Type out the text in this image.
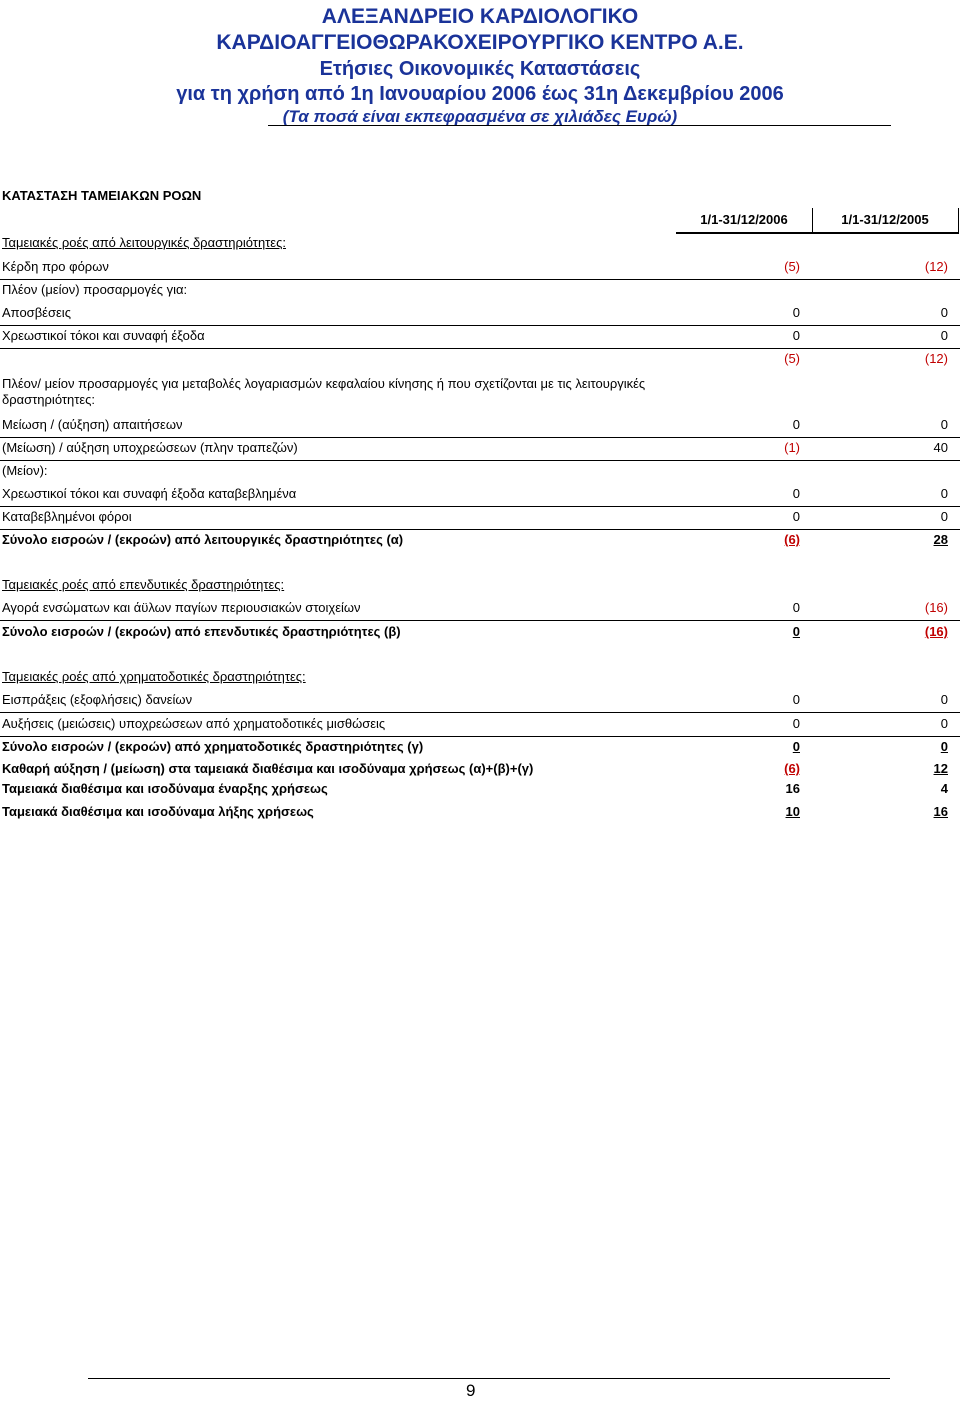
ΑΛΕΞΑΝΔΡΕΙΟ ΚΑΡΔΙΟΛΟΓΙΚΟ
ΚΑΡΔΙΟΑΓΓΕΙΟΘΩΡΑΚΟΧΕΙΡΟΥΡΓΙΚΟ ΚΕΝΤΡΟ Α.Ε.
Ετήσιες Οικονομικές Καταστάσεις
για τη χρήση από 1η Ιανουαρίου 2006 έως 31η Δεκεμβρίου 2006
(Τα ποσά είναι εκπεφρασμένα σε χιλιάδες Ευρώ)
ΚΑΤΑΣΤΑΣΗ ΤΑΜΕΙΑΚΩΝ ΡΟΩΝ
1/1-31/12/2006	1/1-31/12/2005
Ταμειακές ροές από λειτουργικές δραστηριότητες:
Κέρδη προ φόρων	(5)	(12)
Πλέον (μείον) προσαρμογές για:
Αποσβέσεις	0	0
Χρεωστικοί τόκοι και συναφή έξοδα	0	0
(5)	(12)
Πλέον/ μείον προσαρμογές για μεταβολές λογαριασμών κεφαλαίου κίνησης ή που σχετίζονται με τις λειτουργικές δραστηριότητες:
Μείωση / (αύξηση) απαιτήσεων	0	0
(Μείωση) / αύξηση υποχρεώσεων (πλην τραπεζών)	(1)	40
(Μείον):
Χρεωστικοί τόκοι και συναφή έξοδα καταβεβλημένα	0	0
Καταβεβλημένοι φόροι	0	0
Σύνολο εισροών / (εκροών) από λειτουργικές δραστηριότητες (α)	(6)	28
Ταμειακές ροές από επενδυτικές δραστηριότητες:
Αγορά ενσώματων και άϋλων παγίων περιουσιακών στοιχείων	0	(16)
Σύνολο εισροών / (εκροών) από επενδυτικές δραστηριότητες (β)	0	(16)
Ταμειακές ροές από χρηματοδοτικές δραστηριότητες:
Εισπράξεις (εξοφλήσεις) δανείων	0	0
Αυξήσεις (μειώσεις) υποχρεώσεων από χρηματοδοτικές μισθώσεις	0	0
Σύνολο εισροών / (εκροών) από χρηματοδοτικές δραστηριότητες (γ)	0	0
Καθαρή αύξηση / (μείωση) στα ταμειακά διαθέσιμα και ισοδύναμα χρήσεως (α)+(β)+(γ)	(6)	12
Ταμειακά διαθέσιμα και ισοδύναμα έναρξης χρήσεως	16	4
Ταμειακά διαθέσιμα και ισοδύναμα λήξης χρήσεως	10	16
9
